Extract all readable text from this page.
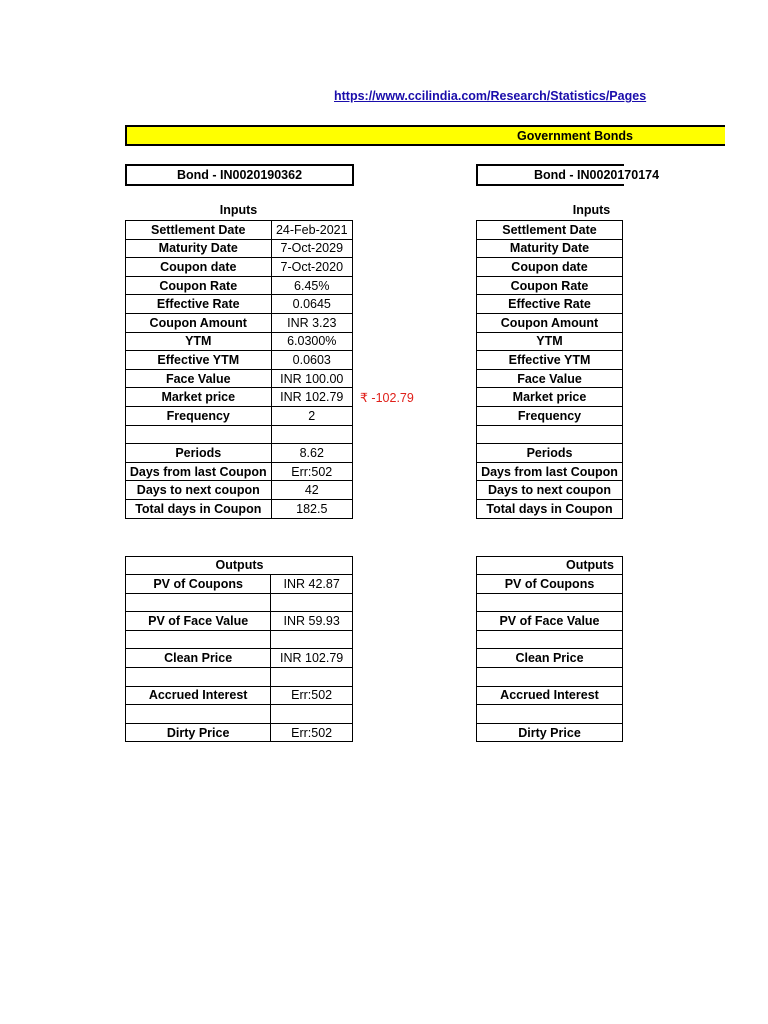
https://www.ccilindia.com/Research/Statistics/Pages
Government Bonds
Bond - IN0020190362	Bond - IN0020170174
Inputs	Inputs
Settlement Date	24-Feb-2021
Maturity Date	7-Oct-2029
Coupon date	7-Oct-2020
Coupon Rate	6.45%
Effective Rate	0.0645
Coupon Amount	INR 3.23
YTM	6.0300%
Effective YTM	0.0603
Face Value	INR 100.00
Market price	INR 102.79
Frequency	2

Periods	8.62
Days from last Coupon	Err:502
Days to next coupon	42
Total days in Coupon	182.5
₹ -102.79
Settlement Date
Maturity Date
Coupon date
Coupon Rate
Effective Rate
Coupon Amount
YTM
Effective YTM
Face Value
Market price
Frequency

Periods
Days from last Coupon
Days to next coupon
Total days in Coupon
Outputs
PV of Coupons	INR 42.87

PV of Face Value	INR 59.93

Clean Price	INR 102.79

Accrued Interest	Err:502

Dirty Price	Err:502
Outputs
PV of Coupons

PV of Face Value

Clean Price

Accrued Interest

Dirty Price
